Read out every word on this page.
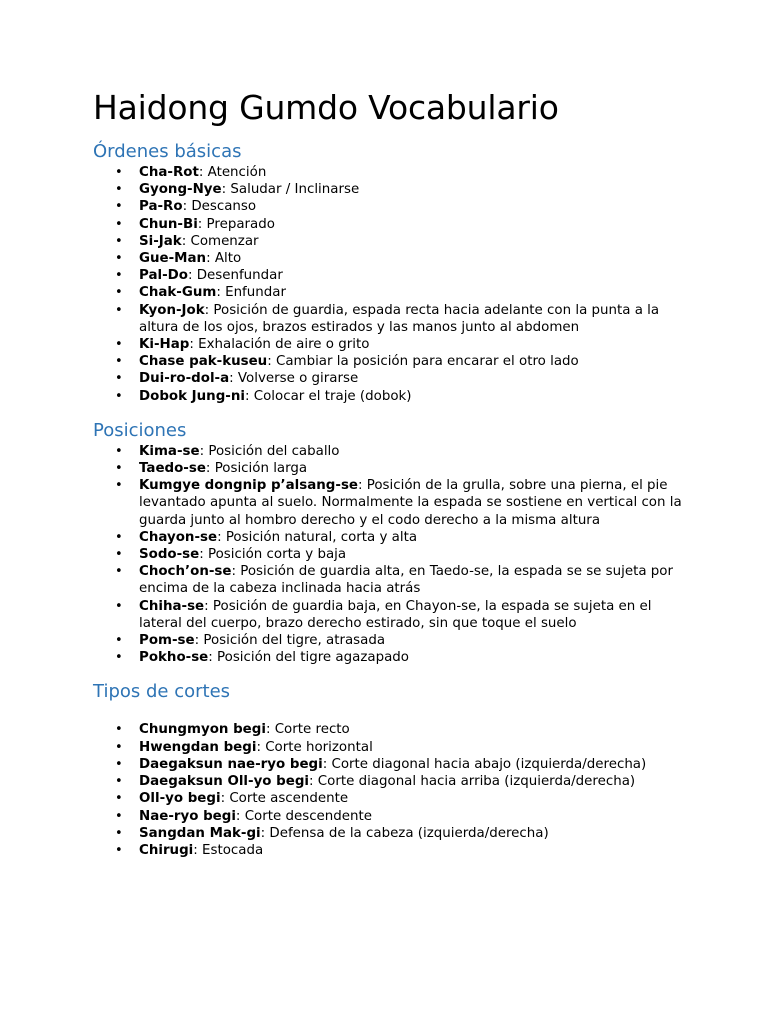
Haidong Gumdo Vocabulario
Órdenes básicas
• Cha-Rot: Atención
• Gyong-Nye: Saludar / Inclinarse
• Pa-Ro: Descanso
• Chun-Bi: Preparado
• Si-Jak: Comenzar
• Gue-Man: Alto
• Pal-Do: Desenfundar
• Chak-Gum: Enfundar
• Kyon-Jok: Posición de guardia, espada recta hacia adelante con la punta a la altura de los ojos, brazos estirados y las manos junto al abdomen
• Ki-Hap: Exhalación de aire o grito
• Chase pak-kuseu: Cambiar la posición para encarar el otro lado
• Dui-ro-dol-a: Volverse o girarse
• Dobok Jung-ni: Colocar el traje (dobok)
Posiciones
• Kima-se: Posición del caballo
• Taedo-se: Posición larga
• Kumgye dongnip p’alsang-se: Posición de la grulla, sobre una pierna, el pie levantado apunta al suelo. Normalmente la espada se sostiene en vertical con la guarda junto al hombro derecho y el codo derecho a la misma altura
• Chayon-se: Posición natural, corta y alta
• Sodo-se: Posición corta y baja
• Choch’on-se: Posición de guardia alta, en Taedo-se, la espada se se sujeta por encima de la cabeza inclinada hacia atrás
• Chiha-se: Posición de guardia baja, en Chayon-se, la espada se sujeta en el lateral del cuerpo, brazo derecho estirado, sin que toque el suelo
• Pom-se: Posición del tigre, atrasada
• Pokho-se: Posición del tigre agazapado
Tipos de cortes
• Chungmyon begi: Corte recto
• Hwengdan begi: Corte horizontal
• Daegaksun nae-ryo begi: Corte diagonal hacia abajo (izquierda/derecha)
• Daegaksun Oll-yo begi: Corte diagonal hacia arriba (izquierda/derecha)
• Oll-yo begi: Corte ascendente
• Nae-ryo begi: Corte descendente
• Sangdan Mak-gi: Defensa de la cabeza (izquierda/derecha)
• Chirugi: Estocada
